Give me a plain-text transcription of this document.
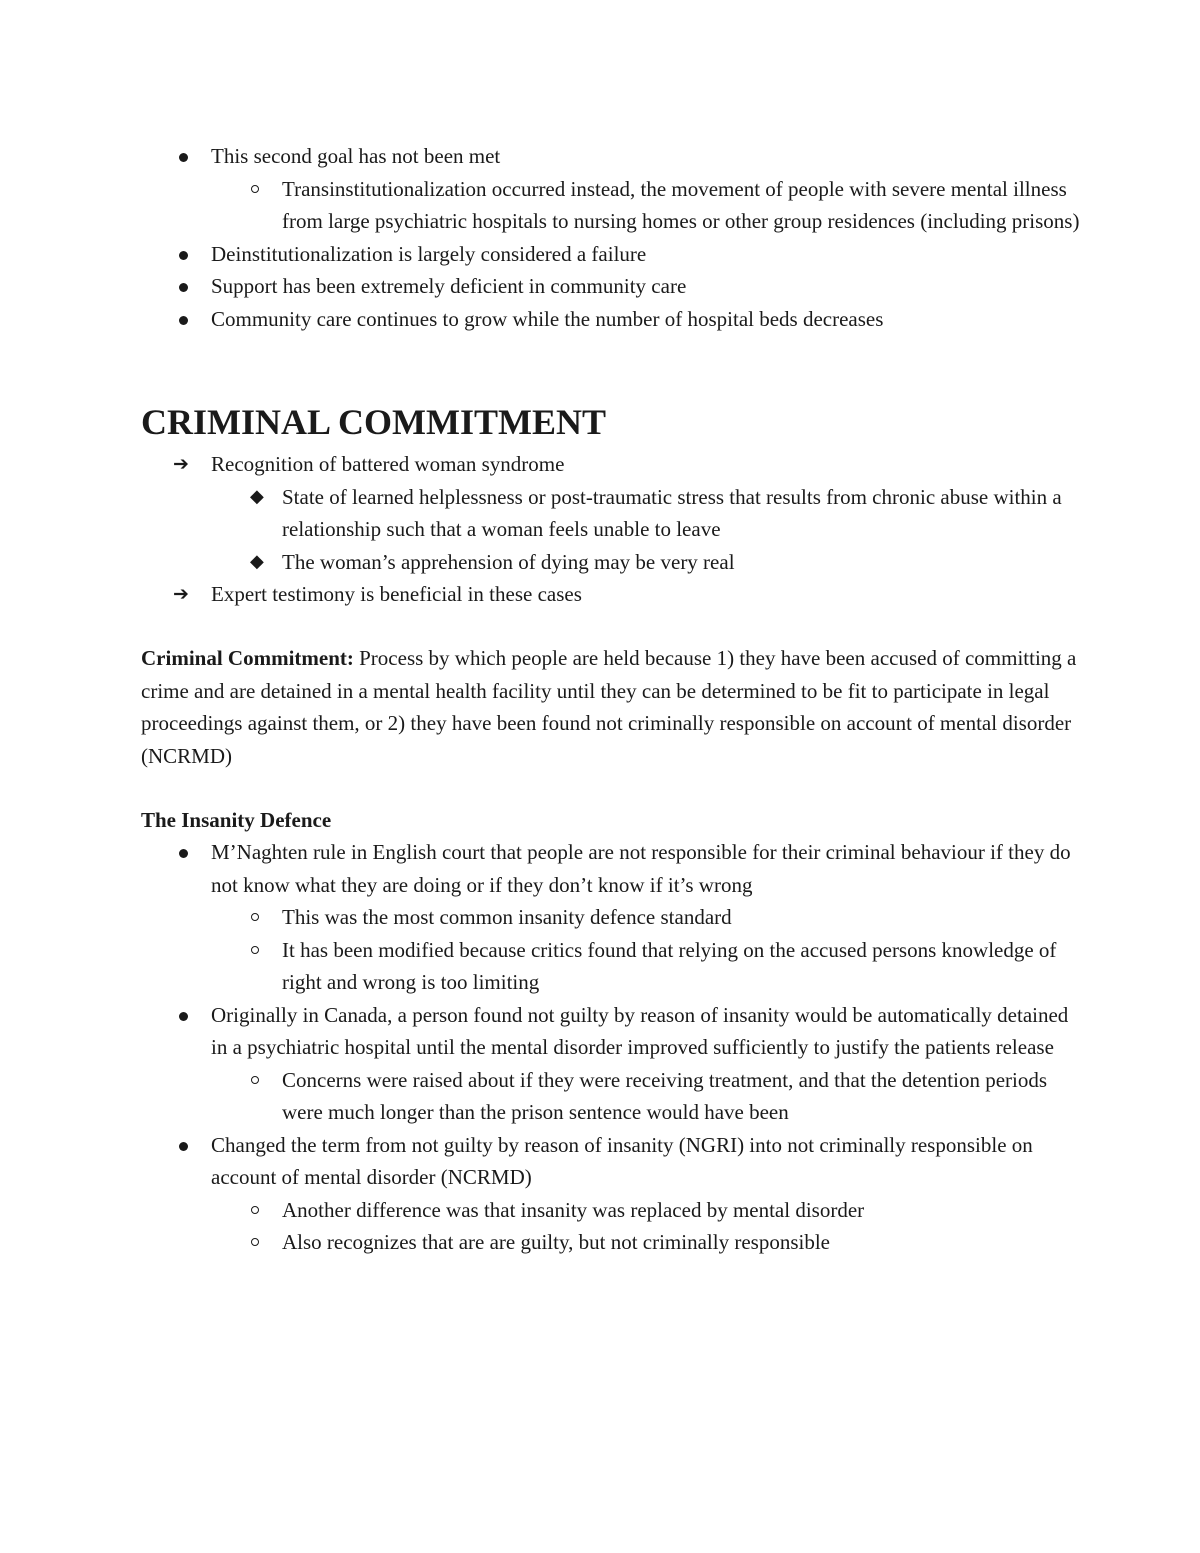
This second goal has not been met
Transinstitutionalization occurred instead, the movement of people with severe mental illness from large psychiatric hospitals to nursing homes or other group residences (including prisons)
Deinstitutionalization is largely considered a failure
Support has been extremely deficient in community care
Community care continues to grow while the number of hospital beds decreases
CRIMINAL COMMITMENT
➔ Recognition of battered woman syndrome
◆ State of learned helplessness or post-traumatic stress that results from chronic abuse within a relationship such that a woman feels unable to leave
◆ The woman’s apprehension of dying may be very real
➔ Expert testimony is beneficial in these cases

Criminal Commitment: Process by which people are held because 1) they have been accused of committing a crime and are detained in a mental health facility until they can be determined to be fit to participate in legal proceedings against them, or 2) they have been found not criminally responsible on account of mental disorder (NCRMD)

The Insanity Defence

M’Naghten rule in English court that people are not responsible for their criminal behaviour if they do not know what they are doing or if they don’t know if it’s wrong
This was the most common insanity defence standard
It has been modified because critics found that relying on the accused persons knowledge of right and wrong is too limiting
Originally in Canada, a person found not guilty by reason of insanity would be automatically detained in a psychiatric hospital until the mental disorder improved sufficiently to justify the patients release
Concerns were raised about if they were receiving treatment, and that the detention periods were much longer than the prison sentence would have been
Changed the term from not guilty by reason of insanity (NGRI) into not criminally responsible on account of mental disorder (NCRMD)
Another difference was that insanity was replaced by mental disorder
Also recognizes that are are guilty, but not criminally responsible
